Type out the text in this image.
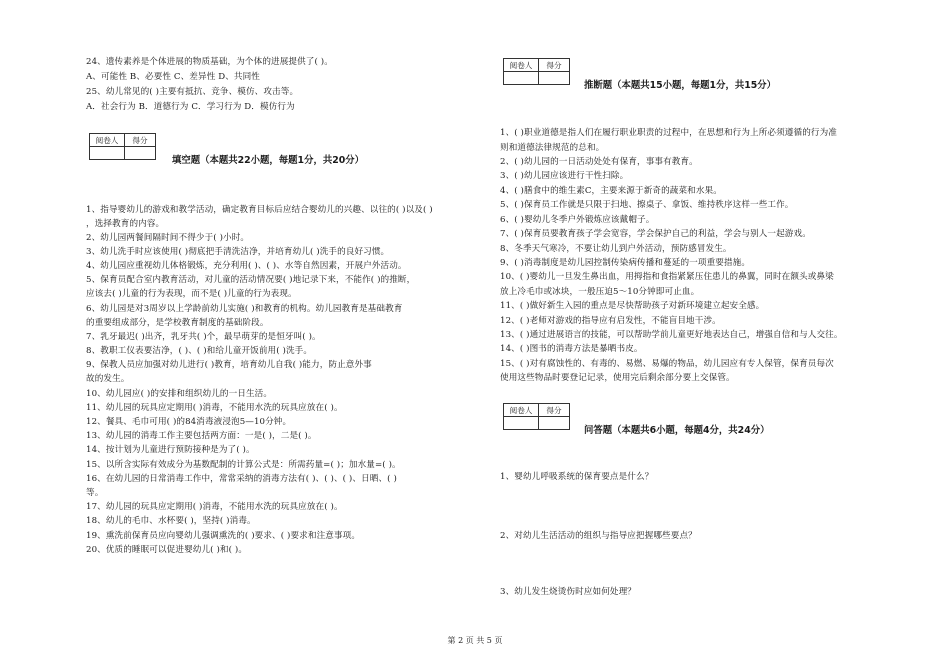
24、遗传素养是个体进展的物质基础，为个体的进展提供了( )。
A、可能性 B、必要性 C、差异性 D、共同性
25、幼儿常见的( )主要有抵抗、竞争、模仿、攻击等。
A．社会行为 B．道德行为 C．学习行为 D．模仿行为
阅卷人	得分

填空题（本题共22小题，每题1分，共20分）
1、指导婴幼儿的游戏和教学活动，确定教育目标后应结合婴幼儿的兴趣、以往的( )以及( )
，选择教育的内容。
2、幼儿园两餐间隔时间不得少于( )小时。
3、幼儿洗手时应该使用( )彻底把手清洗洁净，并培育幼儿( )洗手的良好习惯。
4、幼儿园应重视幼儿体格锻炼，充分利用( )、( )、水等自然因素，开展户外活动。
5、保育员配合室内教育活动，对儿童的活动情况要( )地记录下来，不能作( )的推断，
应该去( )儿童的行为表现，而不是( )儿童的行为表现。
6、幼儿园是对3周岁以上学龄前幼儿实施( )和教育的机构。幼儿园教育是基础教育
的重要组成部分，是学校教育制度的基础阶段。
7、乳牙最迟( )出齐，乳牙共( )个，最早萌芽的是恒牙叫( )。
8、教职工仪表要洁净，( )、( )和给儿童开饭前用( )洗手。
9、保教人员应加强对幼儿进行( )教育，培育幼儿自我( )能力，防止意外事
故的发生。
10、幼儿园应( )的安排和组织幼儿的一日生活。
11、幼儿园的玩具应定期用( )消毒，不能用水洗的玩具应放在( )。
12、餐具、毛巾可用( )的84消毒液浸泡5—10分钟。
13、幼儿园的消毒工作主要包括两方面：一是( )，二是( )。
14、按计划为儿童进行预防接种是为了( )。
15、以所含实际有效成分为基数配制的计算公式是：所需药量=( )；加水量=( )。
16、在幼儿园的日常消毒工作中，常常采纳的消毒方法有( )、( )、( )、日晒、( )
等。
17、幼儿园的玩具应定期用( )消毒，不能用水洗的玩具应放在( )。
18、幼儿的毛巾、水杯要( )，坚持( )消毒。
19、熏洗前保育员应向婴幼儿强调熏洗的( )要求、( )要求和注意事项。
20、优质的睡眠可以促进婴幼儿( )和( )。
阅卷人	得分

推断题（本题共15小题，每题1分，共15分）
1、( )职业道德是指人们在履行职业职责的过程中，在思想和行为上所必须遵循的行为准
则和道德法律规范的总和。
2、( )幼儿园的一日活动处处有保育，事事有教育。
3、( )幼儿园应该进行干性扫除。
4、( )膳食中的维生素C，主要来源于新奇的蔬菜和水果。
5、( )保育员工作就是只限于扫地、擦桌子、拿饭、维持秩序这样一些工作。
6、( )婴幼儿冬季户外锻炼应该戴帽子。
7、( )保育员要教育孩子学会宽容，学会保护自己的利益，学会与别人一起游戏。
8、冬季天气寒冷，不要让幼儿到户外活动，预防感冒发生。
9、( )消毒制度是幼儿园控制传染病传播和蔓延的一项重要措施。
10、( )婴幼儿一旦发生鼻出血，用拇指和食指紧紧压住患儿的鼻翼，同时在额头或鼻梁
放上冷毛巾或冰块，一般压迫5～10分钟即可止血。
11、( )做好新生入园的重点是尽快帮助孩子对新环境建立起安全感。
12、( )老师对游戏的指导应有启发性，不能盲目地干涉。
13、( )通过进展语言的技能，可以帮助学前儿童更好地表达自己，增强自信和与人交往。
14、( )图书的消毒方法是暴晒书皮。
15、( )对有腐蚀性的、有毒的、易燃、易爆的物品，幼儿园应有专人保管，保育员每次
使用这些物品时要登记记录，使用完后剩余部分要上交保管。
阅卷人	得分

问答题（本题共6小题，每题4分，共24分）
1、婴幼儿呼吸系统的保育要点是什么？
2、对幼儿生活活动的组织与指导应把握哪些要点？
3、幼儿发生烧烫伤时应如何处理？
第 2 页 共 5 页
